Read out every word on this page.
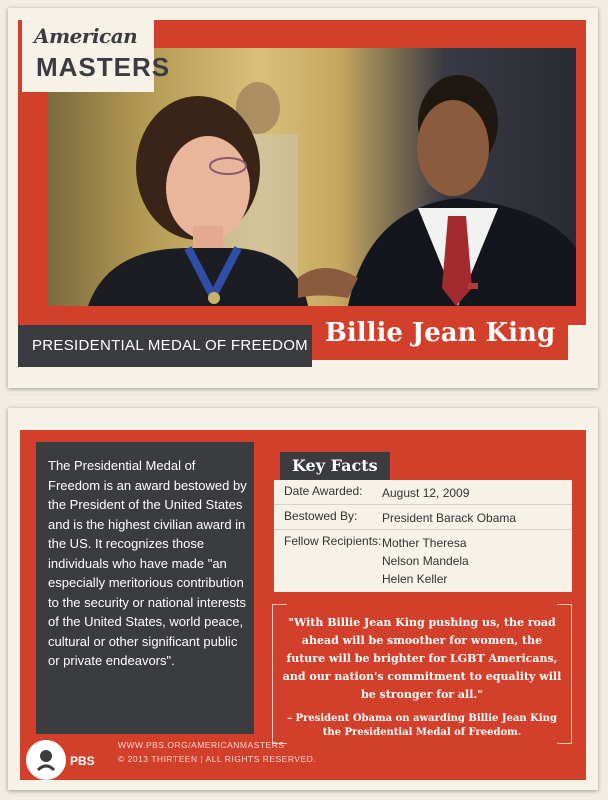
American
MASTERS
Billie Jean King
PRESIDENTIAL MEDAL OF FREEDOM
The Presidential Medal of Freedom is an award bestowed by the President of the United States and is the highest civilian award in the US. It recognizes those individuals who have made "an especially meritorious contribution to the security or national interests of the United States, world peace, cultural or other significant public or private endeavors".
Key Facts
Date Awarded: August 12, 2009
Bestowed By: President Barack Obama
Fellow Recipients: Mother Theresa
Nelson Mandela
Helen Keller
"With Billie Jean King pushing us, the road ahead will be smoother for women, the future will be brighter for LGBT Americans, and our nation's commitment to equality will be stronger for all."
– President Obama on awarding Billie Jean King the Presidential Medal of Freedom.
PBS
WWW.PBS.ORG/AMERICANMASTERS
© 2013 THIRTEEN | ALL RIGHTS RESERVED.
